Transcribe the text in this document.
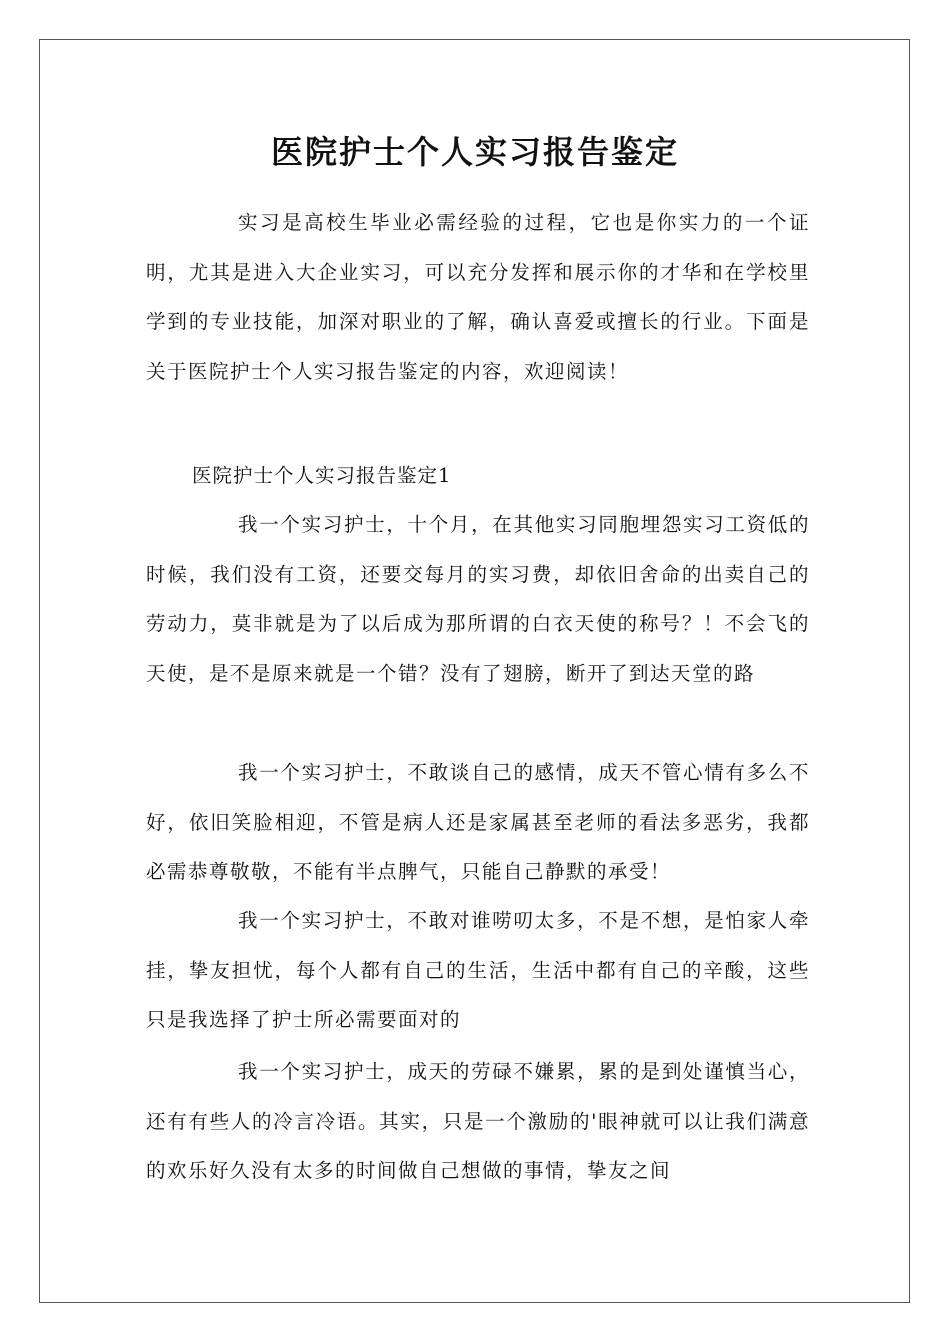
医院护士个人实习报告鉴定

实习是高校生毕业必需经验的过程，它也是你实力的一个证明，尤其是进入大企业实习，可以充分发挥和展示你的才华和在学校里学到的专业技能，加深对职业的了解，确认喜爱或擅长的行业。下面是关于医院护士个人实习报告鉴定的内容，欢迎阅读！

医院护士个人实习报告鉴定1

我一个实习护士，十个月，在其他实习同胞埋怨实习工资低的时候，我们没有工资，还要交每月的实习费，却依旧舍命的出卖自己的劳动力，莫非就是为了以后成为那所谓的白衣天使的称号？！不会飞的天使，是不是原来就是一个错？没有了翅膀，断开了到达天堂的路

我一个实习护士，不敢谈自己的感情，成天不管心情有多么不好，依旧笑脸相迎，不管是病人还是家属甚至老师的看法多恶劣，我都必需恭尊敬敬，不能有半点脾气，只能自己静默的承受！

我一个实习护士，不敢对谁唠叨太多，不是不想，是怕家人牵挂，挚友担忧，每个人都有自己的生活，生活中都有自己的辛酸，这些只是我选择了护士所必需要面对的

我一个实习护士，成天的劳碌不嫌累，累的是到处谨慎当心，还有有些人的冷言冷语。其实，只是一个激励的'眼神就可以让我们满意的欢乐好久没有太多的时间做自己想做的事情，挚友之间
